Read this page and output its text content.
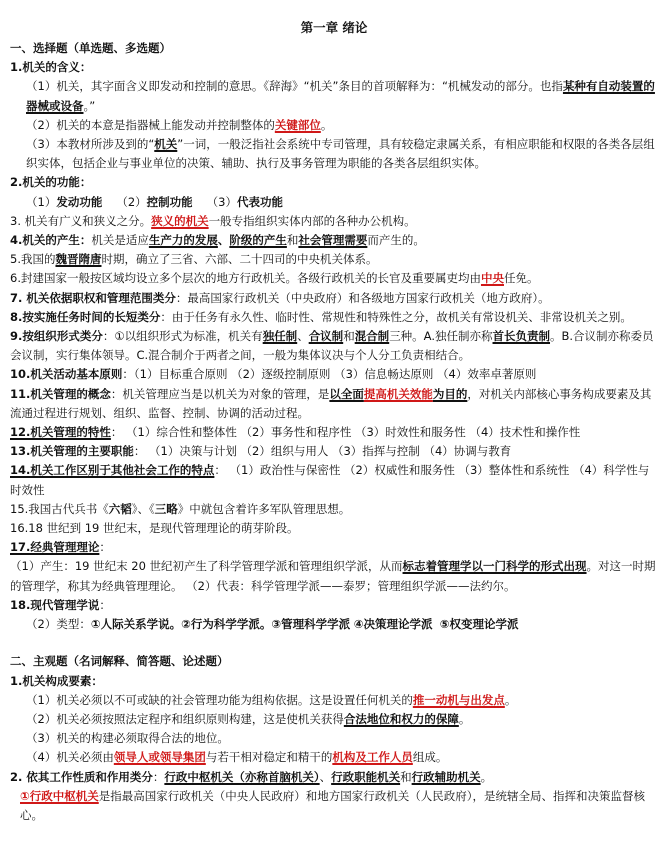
第一章 绪论
一、选择题（单选题、多选题）
1.机关的含义：
（1）机关，其字面含义即发动和控制的意思。《辞海》“机关”条目的首项解释为：“机械发动的部分。也指某种有自动装置的器械或设备。”
（2）机关的本意是指器械上能发动并控制整体的关键部位。
（3）本教材所涉及到的“机关”一词，一般泛指社会系统中专司管理，具有较稳定隶属关系，有相应职能和权限的各类各层组织实体，包括企业与事业单位的决策、辅助、执行及事务管理为职能的各类各层组织实体。
2.机关的功能：
（1）发动功能 （2）控制功能 （3）代表功能
3. 机关有广义和狭义之分。狭义的机关一般专指组织实体内部的各种办公机构。
4.机关的产生：机关是适应生产力的发展、阶级的产生和社会管理需要而产生的。
5.我国的魏晋隋唐时期，确立了三省、六部、二十四司的中央机关体系。
6.封建国家一般按区域均设立多个层次的地方行政机关。各级行政机关的长官及重要属吏均由中央任免。
7. 机关依据职权和管理范围类分：最高国家行政机关（中央政府）和各级地方国家行政机关（地方政府）。
8.按实施任务时间的长短类分：由于任务有永久性、临时性、常规性和特殊性之分，故机关有常设机关、非常设机关之别。
9.按组织形式类分：①以组织形式为标准，机关有独任制、合议制和混合制三种。A.独任制亦称首长负责制。B.合议制亦称委员会议制，实行集体领导。C.混合制介于两者之间，一般为集体议决与个人分工负责相结合。
10.机关活动基本原则：（1）目标重合原则 （2）逐级控制原则 （3）信息畅达原则 （4）效率卓著原则
11.机关管理的概念：机关管理应当是以机关为对象的管理，是以全面提高机关效能为目的，对机关内部核心事务构成要素及其流通过程进行规划、组织、监督、控制、协调的活动过程。
12.机关管理的特性： （1）综合性和整体性 （2）事务性和程序性 （3）时效性和服务性 （4）技术性和操作性
13.机关管理的主要职能： （1）决策与计划 （2）组织与用人 （3）指挥与控制 （4）协调与教育
14.机关工作区别于其他社会工作的特点： （1）政治性与保密性 （2）权威性和服务性 （3）整体性和系统性 （4）科学性与时效性
15.我国古代兵书《六韬》、《三略》中就包含着许多军队管理思想。
16.18 世纪到 19 世纪末，是现代管理理论的萌芽阶段。
17.经典管理理论：
（1）产生：19 世纪末 20 世纪初产生了科学管理学派和管理组织学派，从而标志着管理学以一门科学的形式出现。对这一时期的管理学，称其为经典管理理论。 （2）代表：科学管理学派——泰罗；管理组织学派——法约尔。
18.现代管理学说：
（2）类型：①人际关系学说。②行为科学学派。③管理科学学派 ④决策理论学派 ⑤权变理论学派
二、主观题（名词解释、简答题、论述题）
1.机关构成要素：
（1）机关必须以不可或缺的社会管理功能为组构依据。这是设置任何机关的推一动机与出发点。
（2）机关必须按照法定程序和组织原则构建，这是使机关获得合法地位和权力的保障。
（3）机关的构建必须取得合法的地位。
（4）机关必须由领导人或领导集团与若干相对稳定和精干的机构及工作人员组成。
2. 依其工作性质和作用类分：行政中枢机关（亦称首脑机关）、行政职能机关和行政辅助机关。
①行政中枢机关是指最高国家行政机关（中央人民政府）和地方国家行政机关（人民政府），是统辖全局、指挥和决策监督核心。
